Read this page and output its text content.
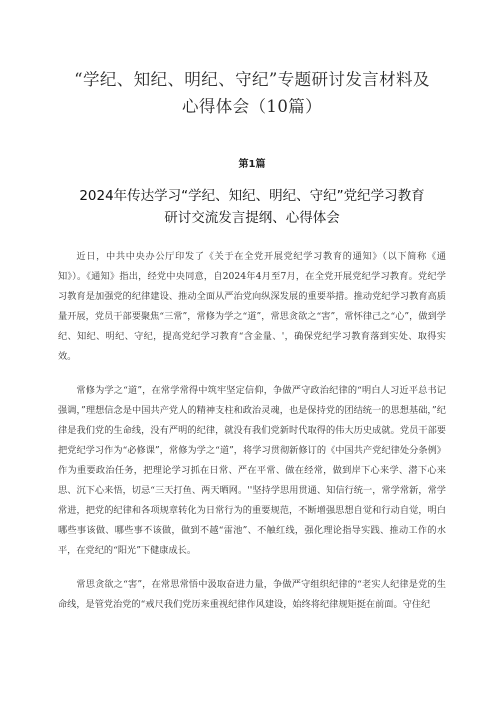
“学纪、知纪、明纪、守纪”专题研讨发言材料及
心得体会（10篇）

第1篇

2024年传达学习“学纪、知纪、明纪、守纪”党纪学习教育
研讨交流发言提纲、心得体会

近日，中共中央办公厅印发了《关于在全党开展党纪学习教育的通知》（以下简称《通知》）。《通知》指出，经党中央同意，自2024年4月至7月，在全党开展党纪学习教育。党纪学习教育是加强党的纪律建设、推动全面从严治党向纵深发展的重要举措。推动党纪学习教育高质量开展，党员干部要聚焦“三常”，常修为学之“道”，常思贪欲之“害”，常怀律己之“心”，做到学纪、知纪、明纪、守纪，提高党纪学习教育“含金量、'，确保党纪学习教育落到实处、取得实效。

常修为学之“道”，在常学常得中筑牢坚定信仰，争做严守政治纪律的“明白人习近平总书记强调，”理想信念是中国共产党人的精神支柱和政治灵魂，也是保持党的团结统一的思想基础，”纪律是我们党的生命线，没有严明的纪律，就没有我们党新时代取得的伟大历史成就。党员干部要把党纪学习作为“必修课”，常修为学之“道”，将学习贯彻新修订的《中国共产党纪律处分条例》作为重要政治任务，把理论学习抓在日常、严在平常、做在经常，做到岸下心来学、潜下心来思、沉下心来悟，切忌“三天打鱼、两天晒网。''坚持学思用贯通、知信行统一，常学常新，常学常进，把党的纪律和各项规章转化为日常行为的重要规范，不断增强思想自觉和行动自觉，明白哪些事该做、哪些事不该做，做到不越“雷池”、不触红线，强化理论指导实践、推动工作的水平，在党纪的“阳光”下健康成长。

常思贪欲之“害”，在常思常悟中汲取奋进力量，争做严守组织纪律的“老实人纪律是党的生命线，是管党治党的“戒尺我们党历来重视纪律作风建设，始终将纪律规矩挺在前面。守住纪
